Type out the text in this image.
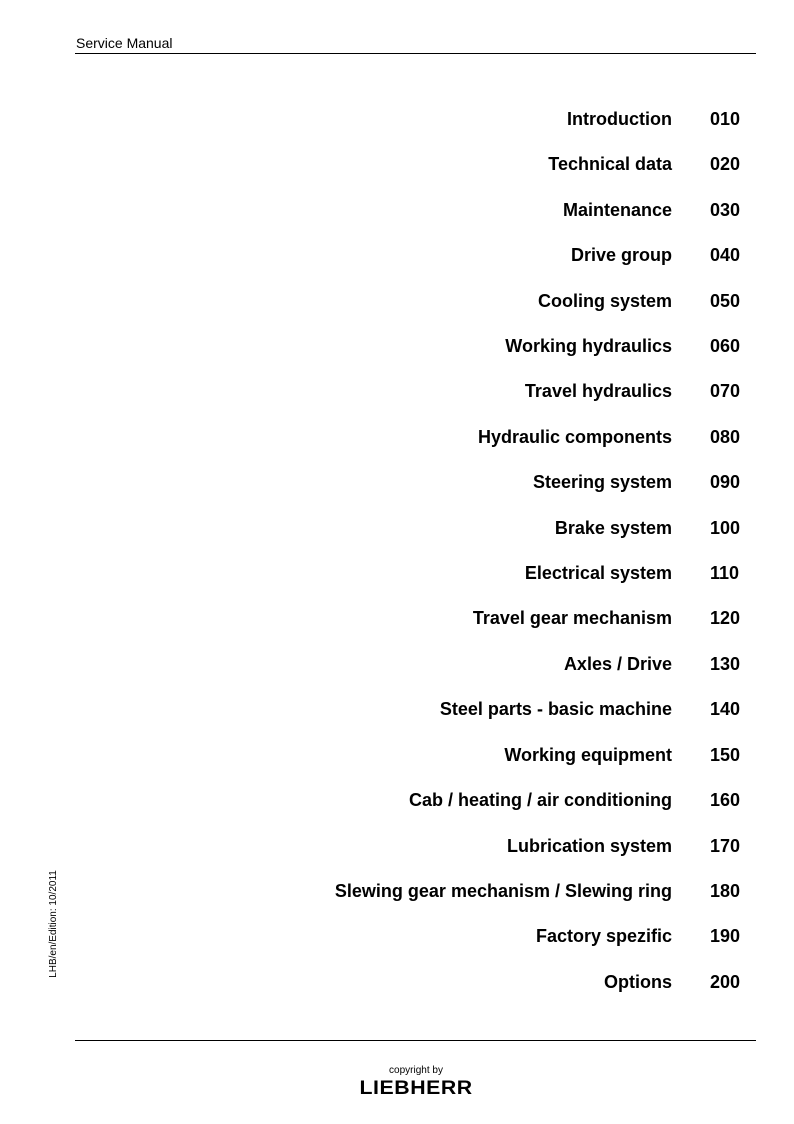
Service Manual
Introduction 010
Technical data 020
Maintenance 030
Drive group 040
Cooling system 050
Working hydraulics 060
Travel hydraulics 070
Hydraulic components 080
Steering system 090
Brake system 100
Electrical system 110
Travel gear mechanism 120
Axles / Drive 130
Steel parts - basic machine 140
Working equipment 150
Cab / heating / air conditioning 160
Lubrication system 170
Slewing gear mechanism / Slewing ring 180
Factory spezific 190
Options 200
LHB/en/Edition: 10/2011
copyright by
LIEBHERR
